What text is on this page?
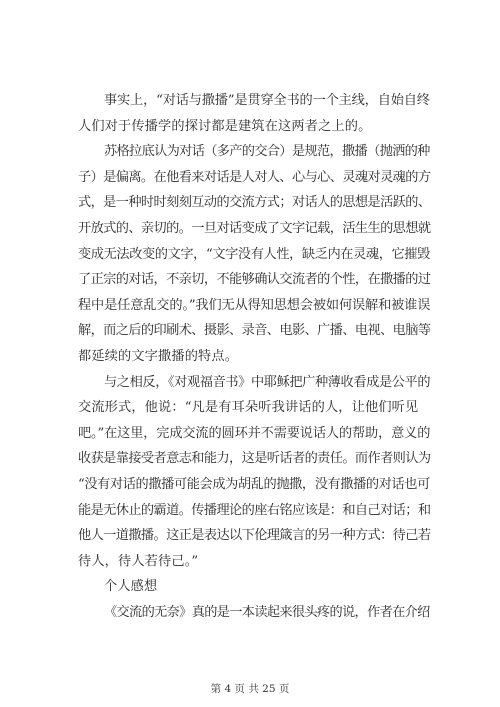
事实上，“对话与撒播”是贯穿全书的一个主线，自始自终
人们对于传播学的探讨都是建筑在这两者之上的。
苏格拉底认为对话（多产的交合）是规范，撒播（抛洒的种
子）是偏离。在他看来对话是人对人、心与心、灵魂对灵魂的方
式，是一种时时刻刻互动的交流方式；对话人的思想是活跃的、
开放式的、亲切的。一旦对话变成了文字记载，活生生的思想就
变成无法改变的文字，“文字没有人性，缺乏内在灵魂，它摧毁
了正宗的对话，不亲切，不能够确认交流者的个性，在撒播的过
程中是任意乱交的。”我们无从得知思想会被如何误解和被谁误
解，而之后的印刷术、摄影、录音、电影、广播、电视、电脑等
都延续的文字撒播的特点。
与之相反，《对观福音书》中耶稣把广种薄收看成是公平的
交流形式，他说：“凡是有耳朵听我讲话的人，让他们听见
吧。”在这里，完成交流的圆环并不需要说话人的帮助，意义的
收获是靠接受者意志和能力，这是听话者的责任。而作者则认为
“没有对话的撒播可能会成为胡乱的抛撒，没有撒播的对话也可
能是无休止的霸道。传播理论的座右铭应该是：和自己对话；和
他人一道撒播。这正是表达以下伦理箴言的另一种方式：待己若
待人，待人若待己。”
个人感想
《交流的无奈》真的是一本读起来很头疼的说，作者在介绍
第 4 页 共 25 页
